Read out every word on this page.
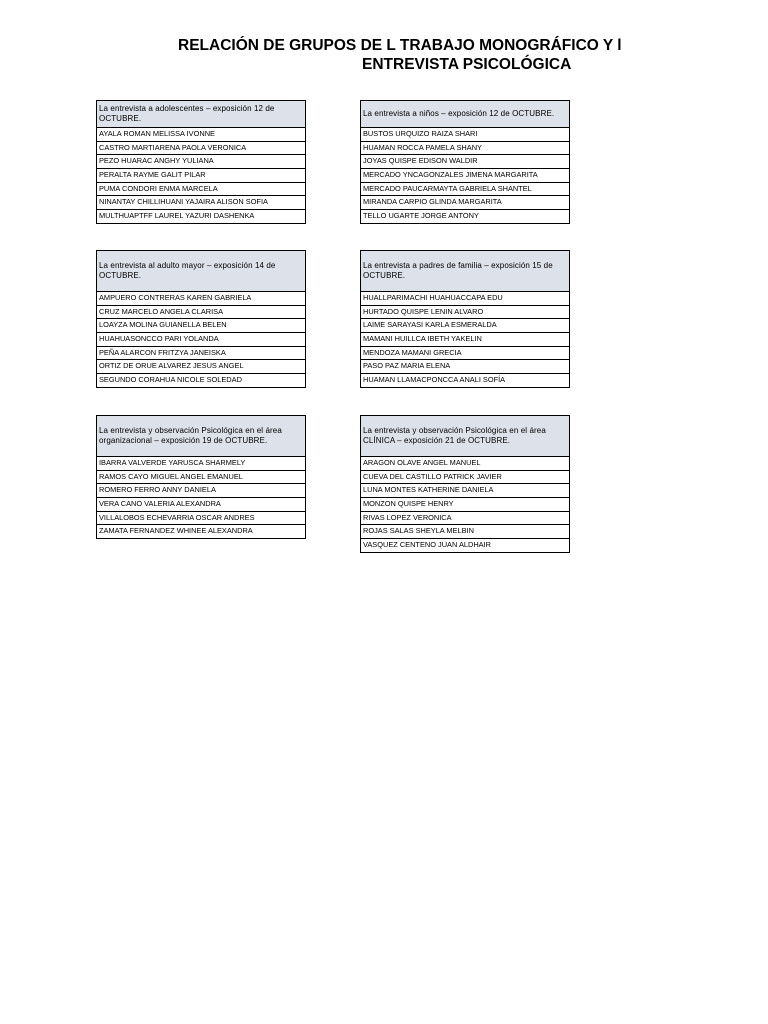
RELACIÓN DE GRUPOS DE L TRABAJO MONOGRÁFICO Y l
ENTREVISTA PSICOLÓGICA
La entrevista a adolescentes – exposición 12 de OCTUBRE.
AYALA ROMAN MELISSA IVONNE
CASTRO MARTIARENA PAOLA VERONICA
PEZO HUARAC ANGHY YULIANA
PERALTA RAYME GALIT PILAR
PUMA CONDORI ENMA MARCELA
NINANTAY CHILLIHUANI YAJAIRA ALISON SOFIA
MULTHUAPTFF LAUREL YAZURI DASHENKA
La entrevista a niños – exposición 12 de OCTUBRE.
BUSTOS URQUIZO RAIZA SHARI
HUAMAN ROCCA PAMELA SHANY
JOYAS QUISPE EDISON WALDIR
MERCADO YNCAGONZALES JIMENA MARGARITA
MERCADO PAUCARMAYTA GABRIELA SHANTEL
MIRANDA CARPIO GLINDA MARGARITA
TELLO UGARTE JORGE ANTONY
La entrevista al adulto mayor – exposición 14 de OCTUBRE.
AMPUERO CONTRERAS KAREN GABRIELA
CRUZ MARCELO ANGELA CLARISA
LOAYZA MOLINA GUIANELLA BELEN
HUAHUASONCCO PARI YOLANDA
PEÑA ALARCON FRITZYA JANEISKA
ORTIZ DE ORUE ALVAREZ JESUS ANGEL
SEGUNDO CORAHUA NICOLE SOLEDAD
La entrevista a padres de familia – exposición 15 de OCTUBRE.
HUALLPARIMACHI HUAHUACCAPA EDU
HURTADO QUISPE LENIN ALVARO
LAIME SARAYASI KARLA ESMERALDA
MAMANI HUILLCA IBETH YAKELIN
MENDOZA MAMANI GRECIA
PASO PAZ MARIA ELENA
HUAMAN LLAMACPONCCA ANALI SOFÍA
La entrevista y observación Psicológica en el área organizacional – exposición 19 de OCTUBRE.
IBARRA VALVERDE YARUSCA SHARMELY
RAMOS CAYO MIGUEL ANGEL EMANUEL
ROMERO FERRO ANNY DANIELA
VERA CANO VALERIA ALEXANDRA
VILLALOBOS ECHEVARRIA OSCAR ANDRES
ZAMATA FERNANDEZ WHINEE ALEXANDRA
La entrevista y observación Psicológica en el área CLÍNICA – exposición 21 de OCTUBRE.
ARAGON OLAVE ANGEL MANUEL
CUEVA DEL CASTILLO PATRICK JAVIER
LUNA MONTES KATHERINE DANIELA
MONZON QUISPE HENRY
RIVAS LOPEZ VERONICA
ROJAS SALAS SHEYLA MELBIN
VASQUEZ CENTENO JUAN ALDHAIR
